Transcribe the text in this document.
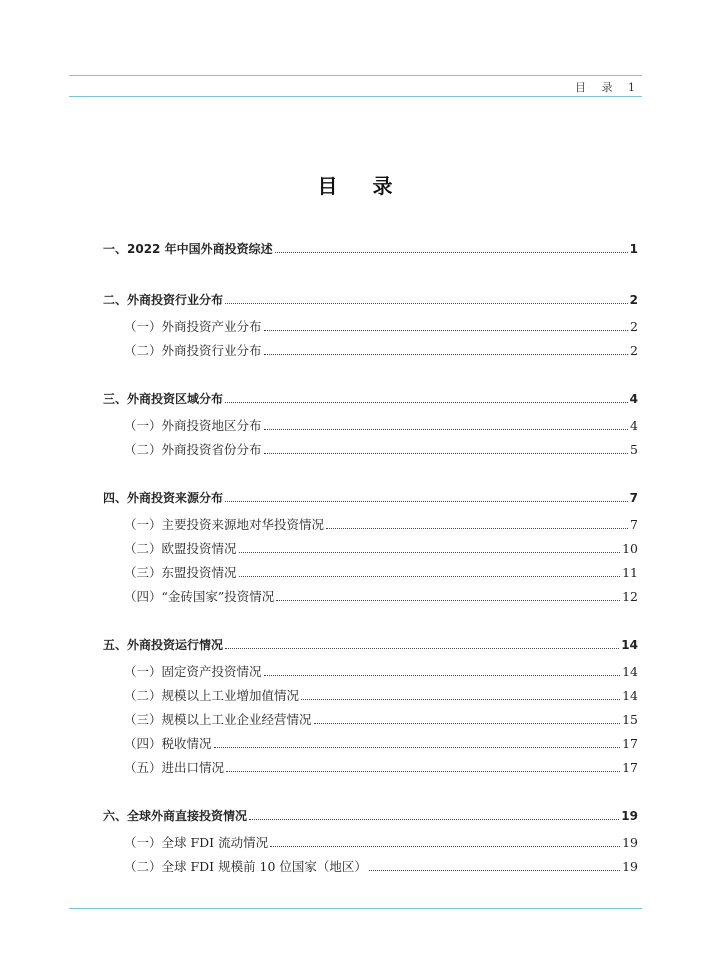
目 录 1
目 录
一、2022 年中国外商投资综述	1
二、外商投资行业分布	2
（一）外商投资产业分布	2
（二）外商投资行业分布	2
三、外商投资区域分布	4
（一）外商投资地区分布	4
（二）外商投资省份分布	5
四、外商投资来源分布	7
（一）主要投资来源地对华投资情况	7
（二）欧盟投资情况	10
（三）东盟投资情况	11
（四）“金砖国家”投资情况	12
五、外商投资运行情况	14
（一）固定资产投资情况	14
（二）规模以上工业增加值情况	14
（三）规模以上工业企业经营情况	15
（四）税收情况	17
（五）进出口情况	17
六、全球外商直接投资情况	19
（一）全球 FDI 流动情况	19
（二）全球 FDI 规模前 10 位国家（地区）	19
